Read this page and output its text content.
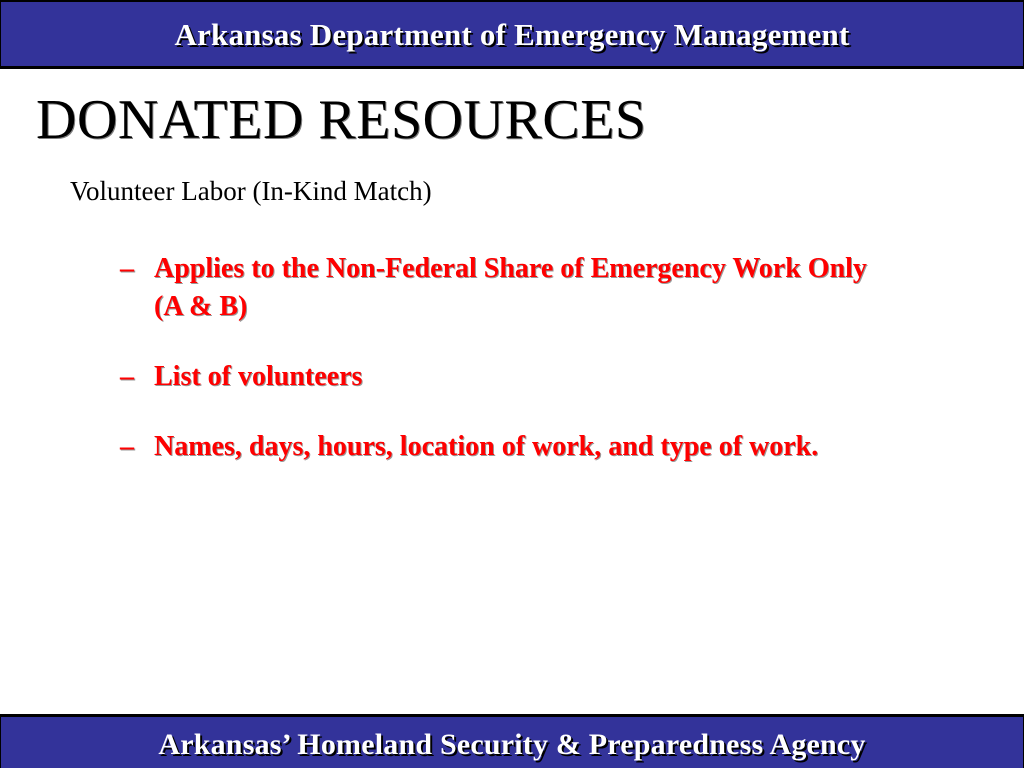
Arkansas Department of Emergency Management
DONATED RESOURCES
Volunteer Labor (In-Kind Match)
– Applies to the Non-Federal Share of Emergency Work Only (A & B)
– List of volunteers
– Names, days, hours, location of work, and type of work.
Arkansas’ Homeland Security & Preparedness Agency
